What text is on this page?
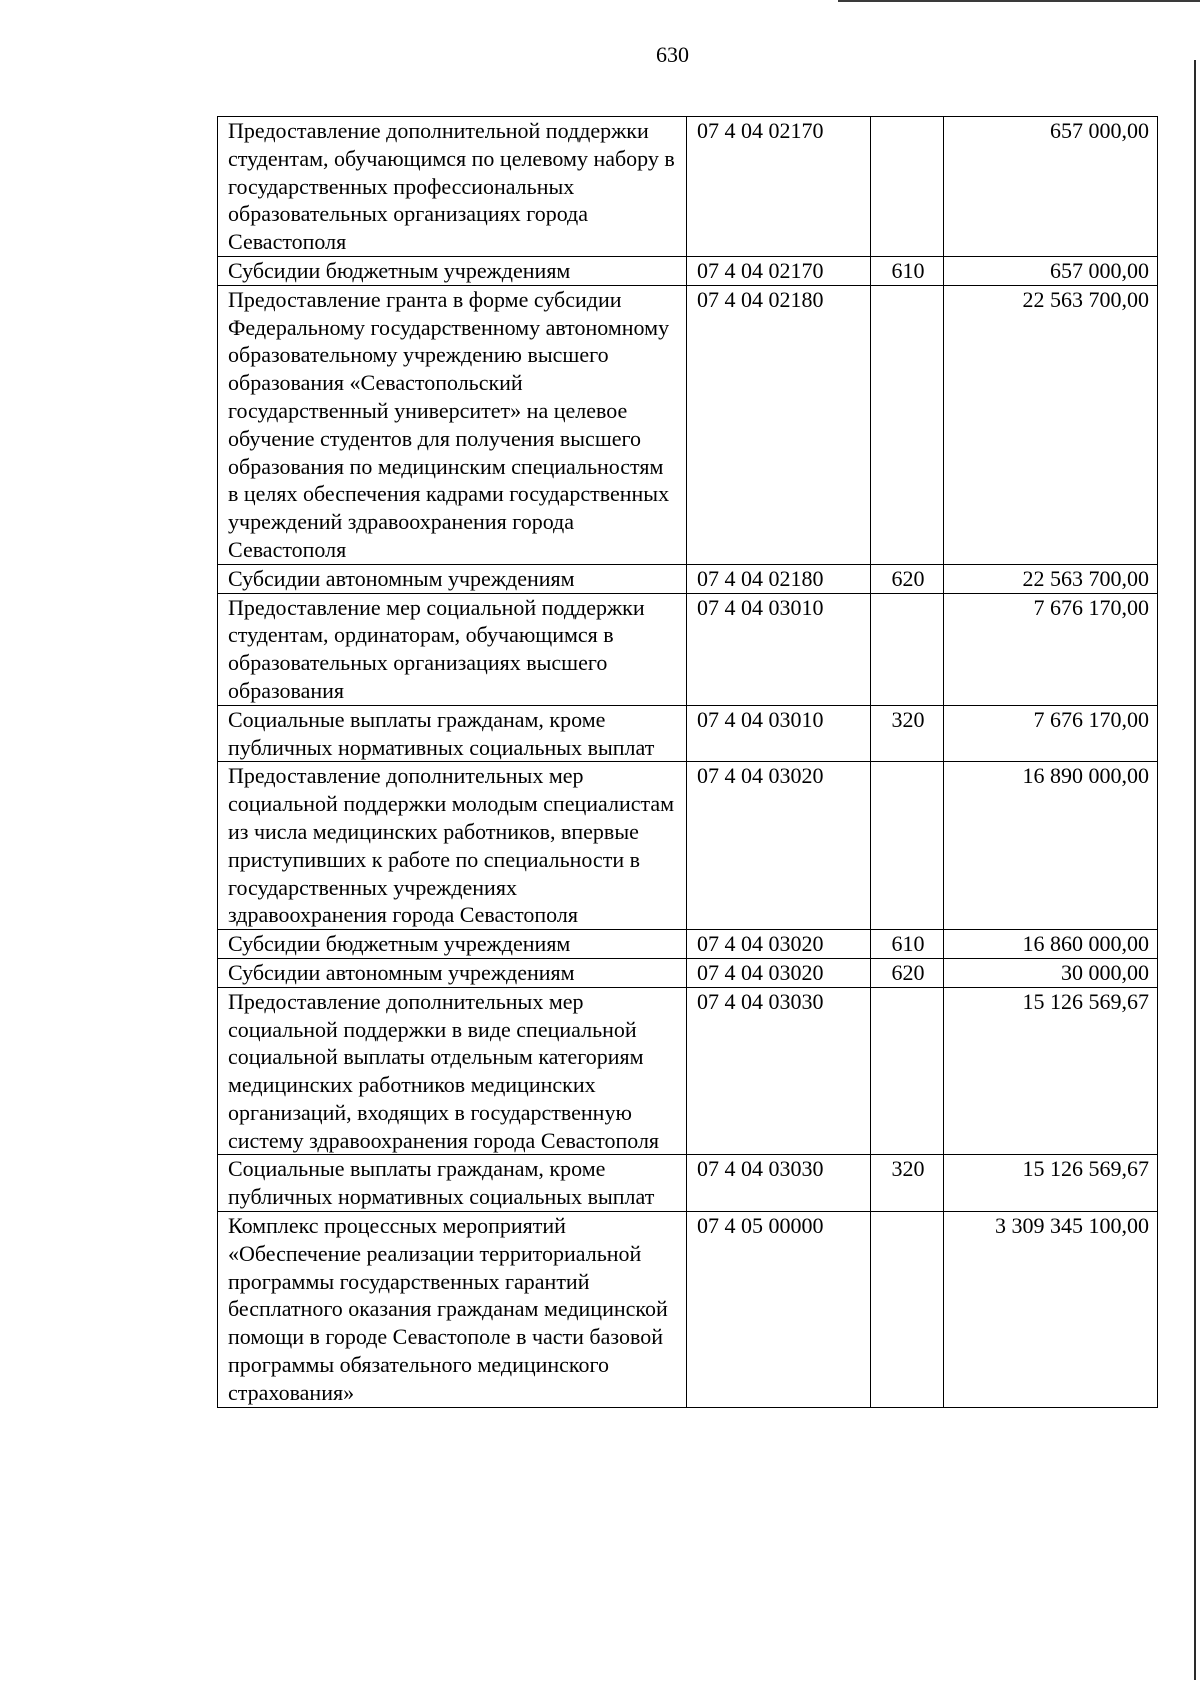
630
Предоставление дополнительной поддержки студентам, обучающимся по целевому набору в государственных профессиональных образовательных организациях города Севастополя	07 4 04 02170		657 000,00
Субсидии бюджетным учреждениям	07 4 04 02170	610	657 000,00
Предоставление гранта в форме субсидии Федеральному государственному автономному образовательному учреждению высшего образования «Севастопольский государственный университет» на целевое обучение студентов для получения высшего образования по медицинским специальностям в целях обеспечения кадрами государственных учреждений здравоохранения города Севастополя	07 4 04 02180		22 563 700,00
Субсидии автономным учреждениям	07 4 04 02180	620	22 563 700,00
Предоставление мер социальной поддержки студентам, ординаторам, обучающимся в образовательных организациях высшего образования	07 4 04 03010		7 676 170,00
Социальные выплаты гражданам, кроме публичных нормативных социальных выплат	07 4 04 03010	320	7 676 170,00
Предоставление дополнительных мер социальной поддержки молодым специалистам из числа медицинских работников, впервые приступивших к работе по специальности в государственных учреждениях здравоохранения города Севастополя	07 4 04 03020		16 890 000,00
Субсидии бюджетным учреждениям	07 4 04 03020	610	16 860 000,00
Субсидии автономным учреждениям	07 4 04 03020	620	30 000,00
Предоставление дополнительных мер социальной поддержки в виде специальной социальной выплаты отдельным категориям медицинских работников медицинских организаций, входящих в государственную систему здравоохранения города Севастополя	07 4 04 03030		15 126 569,67
Социальные выплаты гражданам, кроме публичных нормативных социальных выплат	07 4 04 03030	320	15 126 569,67
Комплекс процессных мероприятий «Обеспечение реализации территориальной программы государственных гарантий бесплатного оказания гражданам медицинской помощи в городе Севастополе в части базовой программы обязательного медицинского страхования»	07 4 05 00000		3 309 345 100,00
